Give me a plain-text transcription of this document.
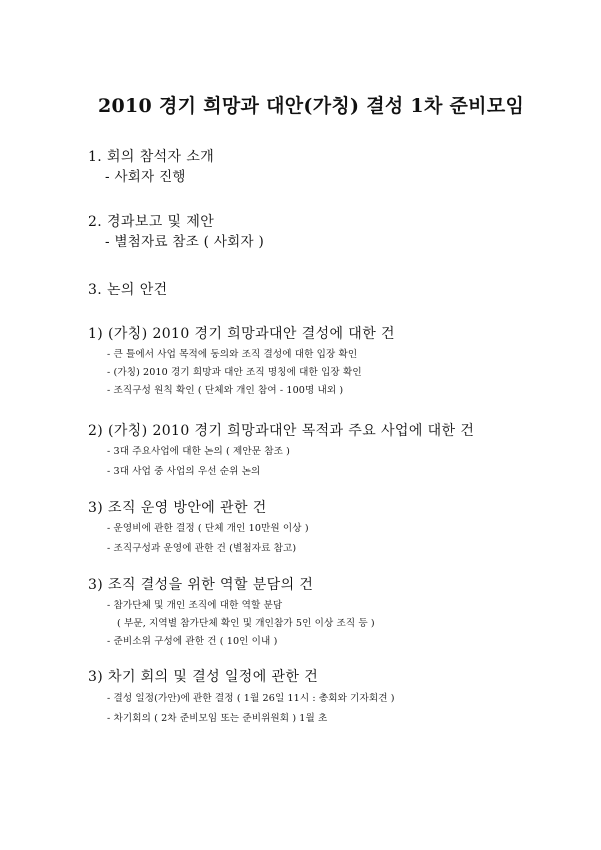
2010 경기 희망과 대안(가칭) 결성 1차 준비모임
1. 회의 참석자 소개
- 사회자 진행
2. 경과보고 및 제안
- 별첨자료 참조 ( 사회자 )
3. 논의 안건
1) (가칭) 2010 경기 희망과대안 결성에 대한 건
- 큰 틀에서 사업 목적에 동의와 조직 결성에 대한 입장 확인
- (가칭) 2010 경기 희망과 대안 조직 명칭에 대한 입장 확인
- 조직구성 원칙 확인 ( 단체와 개인 참여 - 100명 내외 )
2) (가칭) 2010 경기 희망과대안 목적과 주요 사업에 대한 건
- 3대 주요사업에 대한 논의 ( 제안문 참조 )
- 3대 사업 중 사업의 우선 순위 논의
3) 조직 운영 방안에 관한 건
- 운영비에 관한 결정 ( 단체 개인 10만원 이상 )
- 조직구성과 운영에 관한 건 (별첨자료 참고)
3) 조직 결성을 위한 역할 분담의 건
- 참가단체 및 개인 조직에 대한 역할 분담
( 부문, 지역별 참가단체 확인 및 개인참가 5인 이상 조직 등 )
- 준비소위 구성에 관한 건 ( 10인 이내 )
3) 차기 회의 및 결성 일정에 관한 건
- 결성 일정(가안)에 관한 결정 ( 1월 26일 11시 : 총회와 기자회견 )
- 차기회의 ( 2차 준비모임 또는 준비위원회 ) 1월 초
